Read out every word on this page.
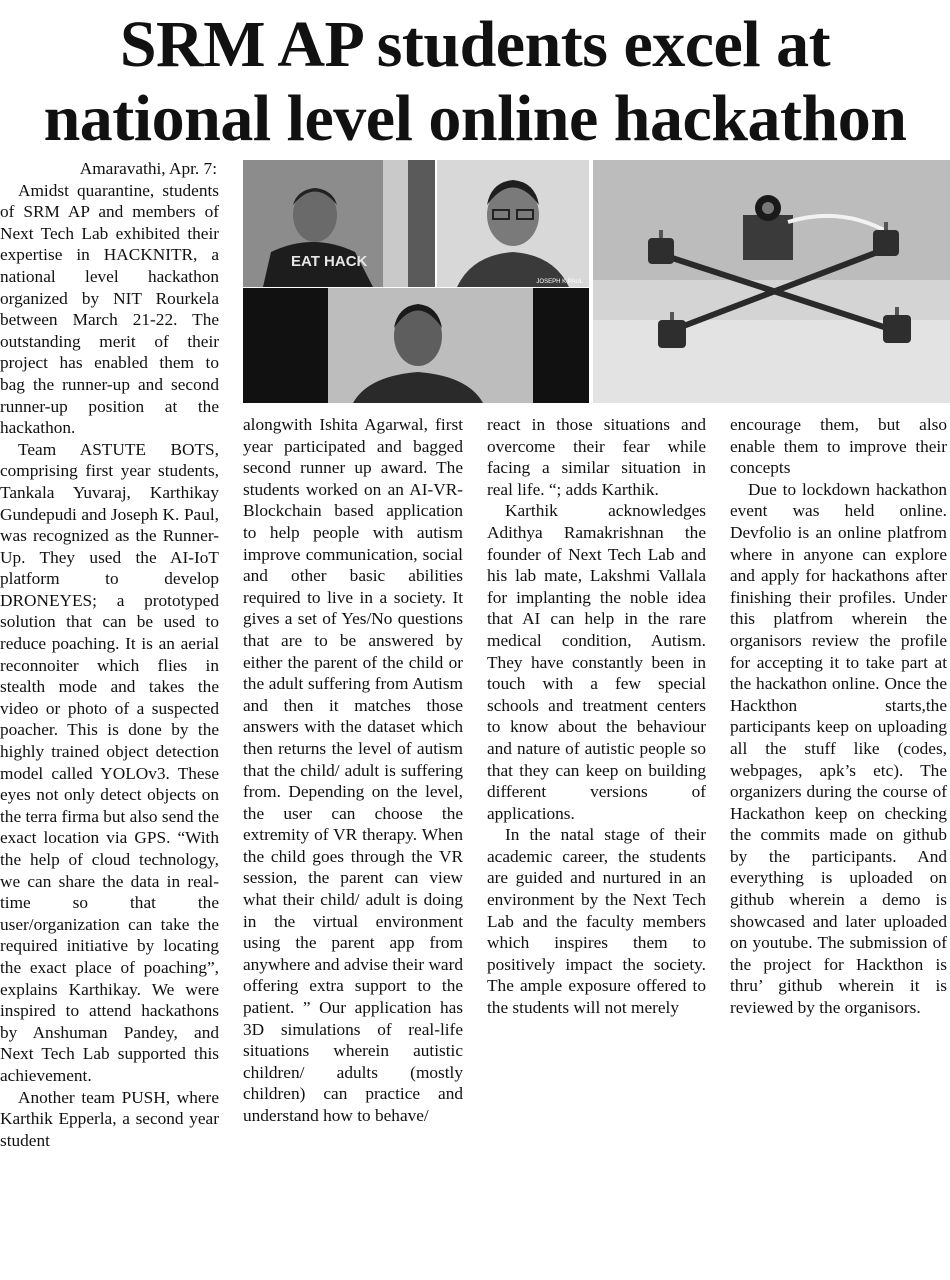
SRM AP students excel at
national level online hackathon
EAT HACK
JOSEPH K PAUL
Amaravathi, Apr. 7:

Amidst quarantine, students of SRM AP and members of Next Tech Lab exhibited their expertise in HACKNITR, a national level hackathon organized by NIT Rourkela between March 21-22. The outstanding merit of their project has enabled them to bag the runner-up and second runner-up position at the hackathon.

Team ASTUTE BOTS, comprising first year students, Tankala Yuvaraj, Karthikay Gundepudi and Joseph K. Paul, was recognized as the Runner-Up. They used the AI-IoT platform to develop DRONEYES; a prototyped solution that can be used to reduce poaching. It is an aerial reconnoiter which flies in stealth mode and takes the video or photo of a suspected poacher. This is done by the highly trained object detection model called YOLOv3. These eyes not only detect objects on the terra firma but also send the exact location via GPS. “With the help of cloud technology, we can share the data in real-time so that the user/organization can take the required initiative by locating the exact place of poaching”, explains Karthikay. We were inspired to attend hackathons by Anshuman Pandey, and Next Tech Lab supported this achievement.

Another team PUSH, where Karthik Epperla, a second year student

alongwith Ishita Agarwal, first year participated and bagged second runner up award. The students worked on an AI-VR-Blockchain based application to help people with autism improve communication, social and other basic abilities required to live in a society. It gives a set of Yes/No questions that are to be answered by either the parent of the child or the adult suffering from Autism and then it matches those answers with the dataset which then returns the level of autism that the child/ adult is suffering from. Depending on the level, the user can choose the extremity of VR therapy. When the child goes through the VR session, the parent can view what their child/ adult is doing in the virtual environment using the parent app from anywhere and advise their ward offering extra support to the patient. ” Our application has 3D simulations of real-life situations wherein autistic children/ adults (mostly children) can practice and understand how to behave/

react in those situations and overcome their fear while facing a similar situation in real life. “; adds Karthik.

Karthik acknowledges Adithya Ramakrishnan the founder of Next Tech Lab and his lab mate, Lakshmi Vallala for implanting the noble idea that AI can help in the rare medical condition, Autism. They have constantly been in touch with a few special schools and treatment centers to know about the behaviour and nature of autistic people so that they can keep on building different versions of applications.

In the natal stage of their academic career, the students are guided and nurtured in an environment by the Next Tech Lab and the faculty members which inspires them to positively impact the society. The ample exposure offered to the students will not merely

encourage them, but also enable them to improve their concepts

Due to lockdown hackathon event was held online. Devfolio is an online platfrom where in anyone can explore and apply for hackathons after finishing their profiles. Under this platfrom wherein the organisors review the profile for accepting it to take part at the hackathon online. Once the Hackthon starts,the participants keep on uploading all the stuff like (codes, webpages, apk’s etc). The organizers during the course of Hackathon keep on checking the commits made on github by the participants. And everything is uploaded on github wherein a demo is showcased and later uploaded on youtube. The submission of the project for Hackthon is thru’ github wherein it is reviewed by the organisors.
